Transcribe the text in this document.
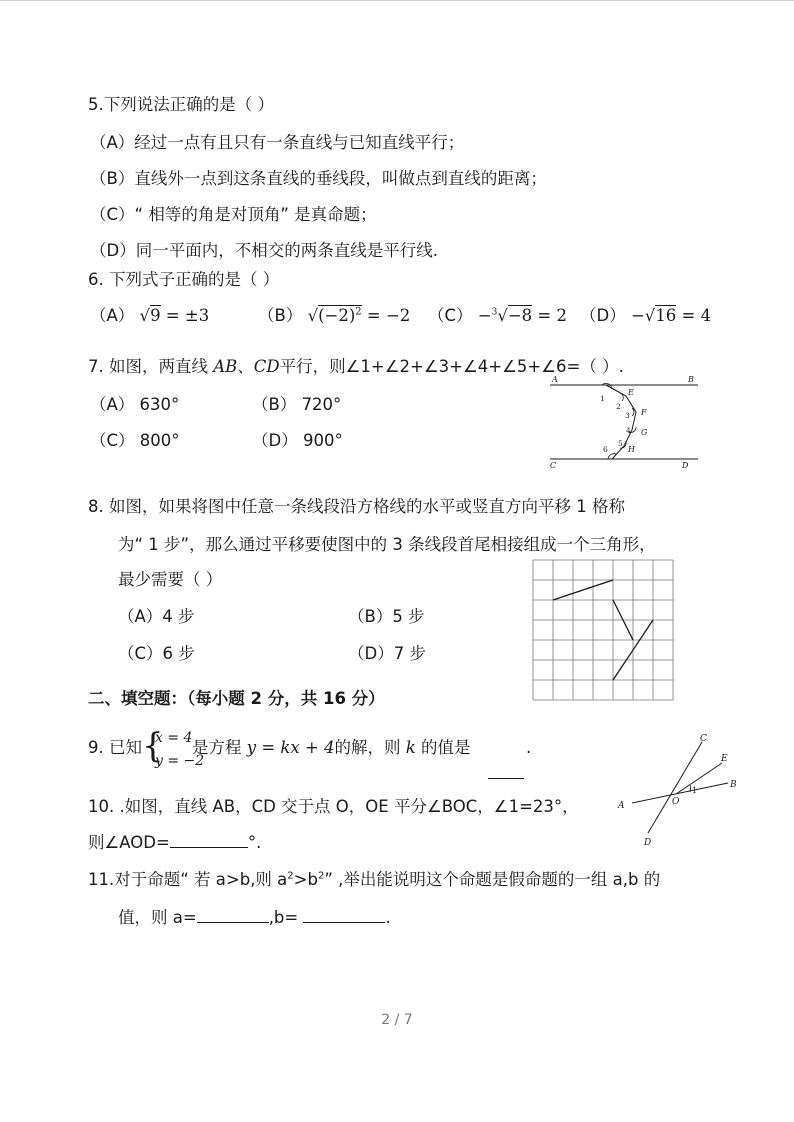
5.下列说法正确的是（ ）
（A）经过一点有且只有一条直线与已知直线平行；
（B）直线外一点到这条直线的垂线段，叫做点到直线的距离；
（C）“ 相等的角是对顶角” 是真命题；
（D）同一平面内，不相交的两条直线是平行线.
6. 下列式子正确的是（ ）
（A） √9 = ±3	（B） $√(-2)^2 = -2$ （C） −$^3$√−8 = 2 （D） −√16 = 4
7. 如图，两直线 AB、CD平行，则∠1+∠2+∠3+∠4+∠5+∠6=（ ）.
（A） 630°	（B） 720°
（C） 800°	（D） 900°
A	B
C	D
E
F
G
H
1
2
3
4
5
6
8. 如图，如果将图中任意一条线段沿方格线的水平或竖直方向平移 1 格称
为“ 1 步”，那么通过平移要使图中的 3 条线段首尾相接组成一个三角形，
最少需要（ ）
（A）4 步	（B）5 步
（C）6 步	（D）7 步
二、填空题：（每小题 2 分，共 16 分）
9. 已知 {
x = 4
y = −2
是方程 y = kx + 4的解，则 k 的值是	.	C
E
B
A	O
D
1
10. .如图，直线 AB，CD 交于点 O，OE 平分∠BOC，∠1=23°，
则∠AOD=	°.
11.对于命题“ 若 a>b,则 $a^2>b^2$” ,举出能说明这个命题是假命题的一组 a,b 的
值，则 a=	,b=	.
2 / 7
